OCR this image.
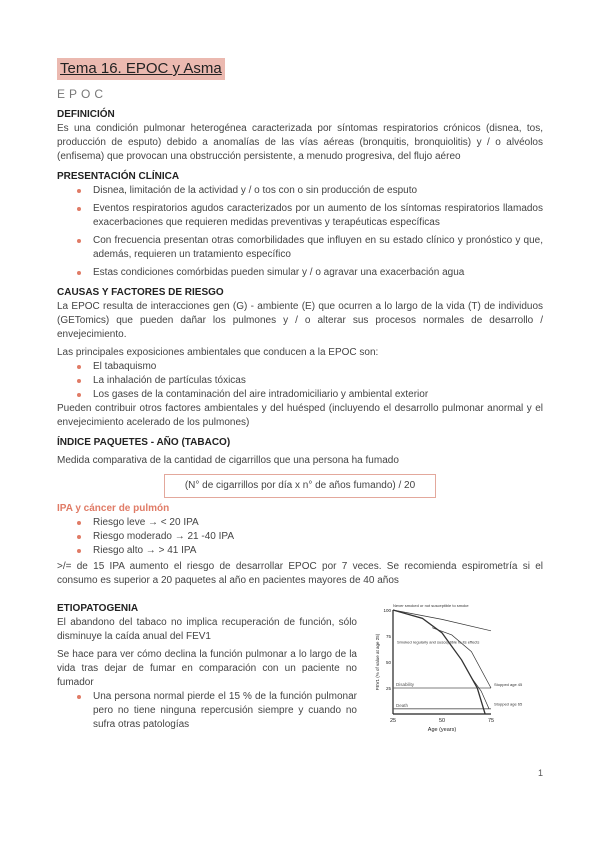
Tema 16. EPOC y Asma
EPOC
DEFINICIÓN

Es una condición pulmonar heterogénea caracterizada por síntomas respiratorios crónicos (disnea, tos, producción de esputo) debido a anomalías de las vías aéreas (bronquitis, bronquiolitis) y / o alvéolos (enfisema) que provocan una obstrucción persistente, a menudo progresiva, del flujo aéreo

PRESENTACIÓN CLÍNICA
Disnea, limitación de la actividad y / o tos con o sin producción de esputo
Eventos respiratorios agudos caracterizados por un aumento de los síntomas respiratorios llamados exacerbaciones que requieren medidas preventivas y terapéuticas específicas
Con frecuencia presentan otras comorbilidades que influyen en su estado clínico y pronóstico y que, además, requieren un tratamiento específico
Estas condiciones comórbidas pueden simular y / o agravar una exacerbación agua
CAUSAS Y FACTORES DE RIESGO

La EPOC resulta de interacciones gen (G) - ambiente (E) que ocurren a lo largo de la vida (T) de individuos (GETomics) que pueden dañar los pulmones y / o alterar sus procesos normales de desarrollo / envejecimiento.

Las principales exposiciones ambientales que conducen a la EPOC son:

El tabaquismo
La inhalación de partículas tóxicas
Los gases de la contaminación del aire intradomiciliario y ambiental exterior

Pueden contribuir otros factores ambientales y del huésped (incluyendo el desarrollo pulmonar anormal y el envejecimiento acelerado de los pulmones)

ÍNDICE PAQUETES - AÑO (TABACO)

Medida comparativa de la cantidad de cigarrillos que una persona ha fumado

(N° de cigarrillos por día x n° de años fumando) / 20
IPA y cáncer de pulmón
Riesgo leve → < 20 IPA
Riesgo moderado → 21 -40 IPA
Riesgo alto → > 41 IPA

>/= de 15 IPA aumento el riesgo de desarrollar EPOC por 7 veces. Se recomienda espirometría si el consumo es superior a 20 paquetes al año en pacientes mayores de 40 años

ETIOPATOGENIA

El abandono del tabaco no implica recuperación de función, sólo disminuye la caída anual del FEV1

Se hace para ver cómo declina la función pulmonar a lo largo de la vida tras dejar de fumar en comparación con un paciente no fumador

Una persona normal pierde el 15 % de la función pulmonar pero no tiene ninguna repercusión siempre y cuando no sufra otras patologías	25	50	75
100
75
50
25
Age (years)
FEV1 (% of value at age 25)	Disability
Death
Never smoked or not susceptible to smoke
Smoked regularly and susceptible to its effects
Stopped age 45
Stopped age 65
1
